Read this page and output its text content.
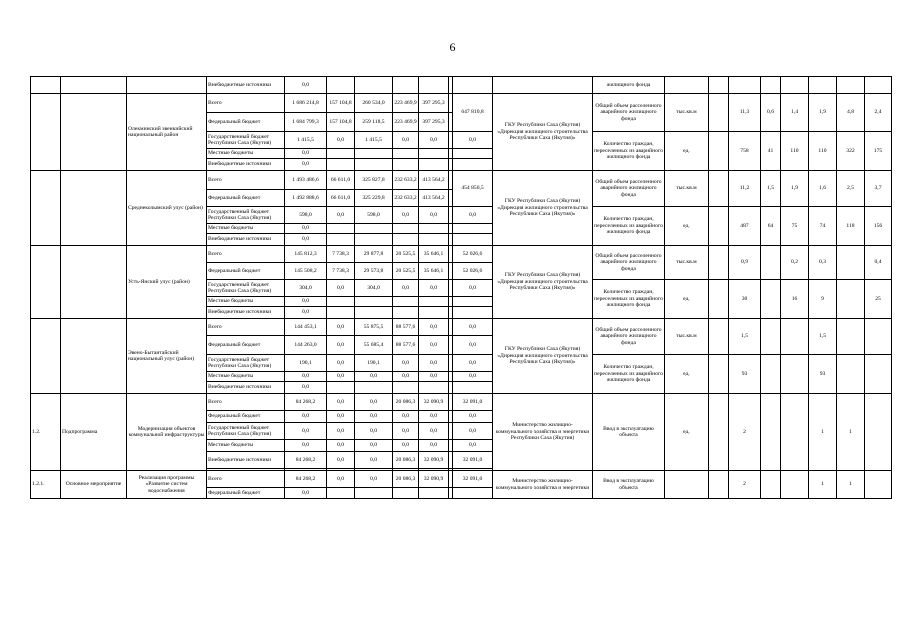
6
			Внебюджетные источники	0,0								жилищного фонда								
		Олекминский эвенкийский национальный район	Всего	1 686 214,8	157 104,8	260 534,0	223 469,9	397 295,3		647 810,8	ГКУ Республики Саха (Якутия) «Дирекция жилищного строительства Республики Саха (Якутия)»	Общий объем расселенного аварийного жилищного фонда	тыс.кв.м		11,3	0,6	1,4	1,9	4,8	2,4
			Федеральный бюджет	1 684 799,3	157 104,8	259 118,5	223 469,9	397 295,3												
			Государственный бюджет Республики Саха (Якутия)	1 415,5	0,0	1 415,5	0,0	0,0		0,0		Количество граждан, переселенных из аварийного жилищного фонда	ед.		758	41	110	110	322	175
			Местные бюджеты	0,0																
			Внебюджетные источники	0,0																
		Среднеколымский улус (район)	Всего	1 493 486,6	66 611,0	325 827,8	232 633,2	413 564,2		454 850,5	ГКУ Республики Саха (Якутия) «Дирекция жилищного строительства Республики Саха (Якутия)»	Общий объем расселенного аварийного жилищного фонда	тыс.кв.м		11,2	1,5	1,9	1,6	2,5	3,7
			Федеральный бюджет	1 492 888,6	66 611,0	325 229,8	232 633,2	413 564,2												
			Государственный бюджет Республики Саха (Якутия)	598,0	0,0	598,0	0,0	0,0		0,0		Количество граждан, переселенных из аварийного жилищного фонда	ед.		487	64	75	74	118	156
			Местные бюджеты	0,0																
			Внебюджетные источники	0,0																
		Усть-Янский улус (район)	Всего	145 812,3	7 738,3	29 877,8	20 525,5	35 646,1		52 026,6	ГКУ Республики Саха (Якутия) «Дирекция жилищного строительства Республики Саха (Якутия)»	Общий объем расселенного аварийного жилищного фонда	тыс.кв.м		0,9		0,2	0,3		0,4
			Федеральный бюджет	145 508,2	7 738,3	29 573,8	20 525,5	35 646,1		52 026,6										
			Государственный бюджет Республики Саха (Якутия)	304,0	0,0	304,0	0,0	0,0		0,0		Количество граждан, переселенных из аварийного жилищного фонда	ед.		30		16	9		25
			Местные бюджеты	0,0																
			Внебюджетные источники	0,0																
		Эвено-Бытантайский национальный улус (район)	Всего	144 453,1	0,0	55 875,5	88 577,6	0,0		0,0	ГКУ Республики Саха (Якутия) «Дирекция жилищного строительства Республики Саха (Якутия)»	Общий объем расселенного аварийного жилищного фонда	тыс.кв.м		1,5			1,5		
			Федеральный бюджет	144 263,0	0,0	55 685,4	88 577,6	0,0		0,0										
			Государственный бюджет Республики Саха (Якутия)	190,1	0,0	190,1	0,0	0,0		0,0		Количество граждан, переселенных из аварийного жилищного фонда	ед.		93			93		
			Местные бюджеты	0,0	0,0	0,0	0,0	0,0		0,0										
			Внебюджетные источники	0,0																
1.2.	Подпрограмма	Модернизация объектов коммунальной инфраструктуры	Всего	84 268,2	0,0	0,0	20 086,3	32 090,9		32 091,0	Министерство жилищно-коммунального хозяйства и энергетики Республики Саха (Якутия)	Ввод в эксплуатацию объекта	ед.		2			1	1	
			Федеральный бюджет	0,0	0,0	0,0	0,0	0,0		0,0										
			Государственный бюджет Республики Саха (Якутия)	0,0	0,0	0,0	0,0	0,0		0,0										
			Местные бюджеты	0,0	0,0	0,0	0,0	0,0		0,0										
			Внебюджетные источники	84 268,2	0,0	0,0	20 086,3	32 090,9		32 091,0										

1.2.1.	Основное мероприятие	Реализация программы «Развитие систем водоснабжения	Всего	84 268,2	0,0	0,0	20 086,3	32 090,9		32 091,0	Министерство жилищно-коммунального хозяйства и энергетики	Ввод в эксплуатацию объекта			2			1	1	
			Федеральный бюджет	0,0																
